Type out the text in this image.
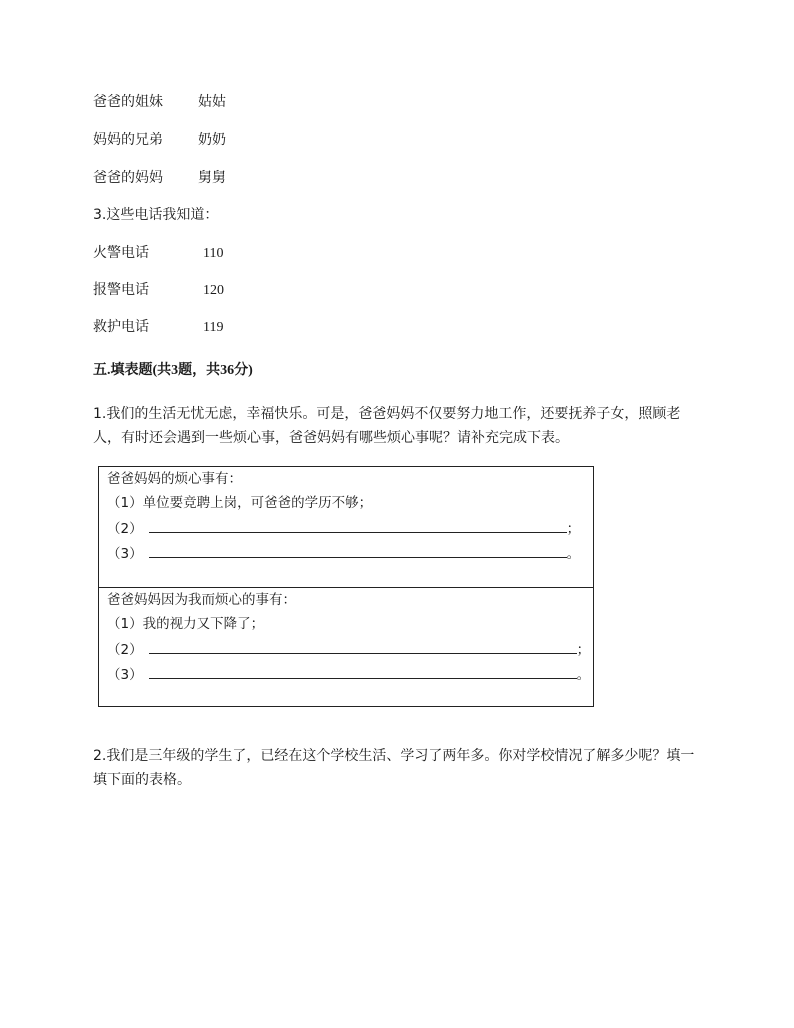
爸爸的姐妹	姑姑
妈妈的兄弟	奶奶
爸爸的妈妈	舅舅
3.这些电话我知道：
火警电话	110
报警电话	120
救护电话	119
五.填表题(共3题，共36分)
1.我们的生活无忧无虑，幸福快乐。可是，爸爸妈妈不仅要努力地工作，还要抚养子女，照顾老人，有时还会遇到一些烦心事，爸爸妈妈有哪些烦心事呢？请补充完成下表。
爸爸妈妈的烦心事有：
（1）单位要竞聘上岗，可爸爸的学历不够；
（2）	；
（3）	。
爸爸妈妈因为我而烦心的事有：
（1）我的视力又下降了；
（2）	；
（3）	。
2.我们是三年级的学生了，已经在这个学校生活、学习了两年多。你对学校情况了解多少呢？填一填下面的表格。
